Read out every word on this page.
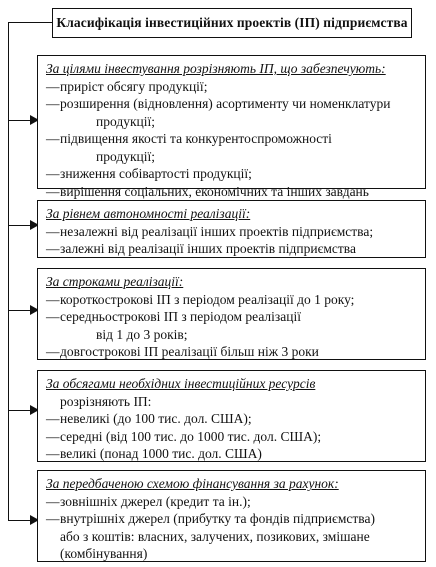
Класифікація інвестиційних проектів (ІП) підприємства
За цілями інвестування розрізняють ІП, що забезпечують:
— приріст обсягу продукції;
— розширення (відновлення) асортименту чи номенклатури
продукції;
— підвищення якості та конкурентоспроможності
продукції;
— зниження собівартості продукції;
— вирішення соціальних, економічних та інших завдань
За рівнем автономності реалізації:
— незалежні від реалізації інших проектів підприємства;
— залежні від реалізації інших проектів підприємства
За строками реалізації:
— короткострокові ІП з періодом реалізації до 1 року;
— середньострокові ІП з періодом реалізації
від 1 до 3 років;
— довгострокові ІП реалізації більш ніж 3 роки
За обсягами необхідних інвестиційних ресурсів
розрізняють ІП:
— невеликі (до 100 тис. дол. США);
— середні (від 100 тис. до 1000 тис. дол. США);
— великі (понад 1000 тис. дол. США)
За передбаченою схемою фінансування за рахунок:
— зовнішніх джерел (кредит та ін.);
— внутрішніх джерел (прибутку та фондів підприємства)
або з коштів: власних, залучених, позикових, змішане
(комбінування)
